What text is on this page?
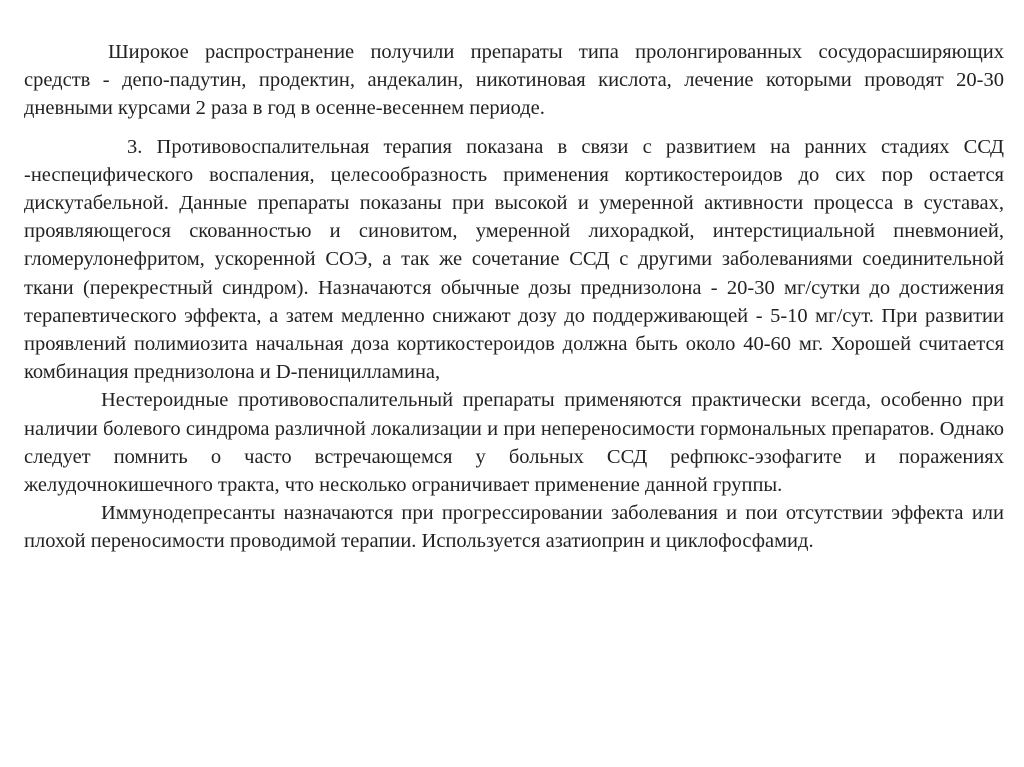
Широкое распространение получили препараты типа пролонгированных сосудорасширяющих средств - депо-падутин, продектин, андекалин, никотиновая кислота, лечение которыми проводят 20-30 дневными курсами 2 раза в год в осенне-весеннем периоде.

3. Противовоспалительная терапия показана в связи с развитием на ранних стадиях ССД -неспецифического воспаления, целесообразность применения кортикостероидов до сих пор остается дискутабельной. Данные препараты показаны при высокой и умеренной активности процесса в суставах, проявляющегося скованностью и синовитом, умеренной лихорадкой, интерстициальной пневмонией, гломерулонефритом, ускоренной СОЭ, а так же сочетание ССД с другими заболеваниями соединительной ткани (перекрестный синдром). Назначаются обычные дозы преднизолона - 20-30 мг/сутки до достижения терапевтического эффекта, а затем медленно снижают дозу до поддерживающей - 5-10 мг/сут. При развитии проявлений полимиозита начальная доза кортикостероидов должна быть около 40-60 мг. Хорошей считается комбинация преднизолона и D-пеницилламина,

Нестероидные противовоспалительный препараты применяются практически всегда, особенно при наличии болевого синдрома различной локализации и при непереносимости гормональных препаратов. Однако следует помнить о часто встречающемся у больных ССД рефпюкс-эзофагите и поражениях желудочнокишечного тракта, что несколько ограничивает применение данной группы.

Иммунодепресанты назначаются при прогрессировании заболевания и пои отсутствии эффекта или плохой переносимости проводимой терапии. Используется азатиоприн и циклофосфамид.
